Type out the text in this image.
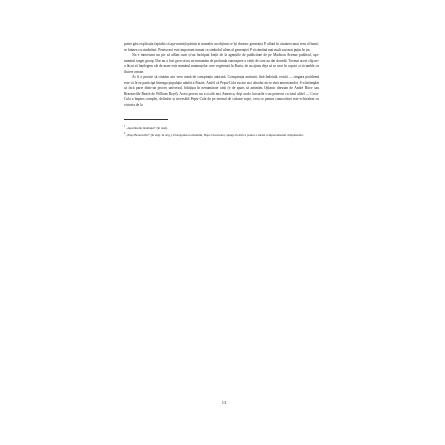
putea găsi explicația faptului că aşa-numiții părinți ai numelor au obținut ce își doreau: generația P, aflată în căutarea unui sens al lumii, se hrănea cu simboluri. Pentru noi este important numai ca simbolul ultim al generației P să rămână mai mult sau mai puțin în joc.

Nu e interesant un pic să aflăm cum și-au închipuit bieții de la agențiile de publicitate de pe Madison Avenue publicul, aşa-numitul target group. Dar nu a fost greu să nu ne minunăm de profunda cunoaştere a vieții de care au dat dovadă. Tocmai acest clip ne-a făcut să înțelegem cât de mare este numărul maimuțelor care vegetează în Rusia, de au ajuns deja să se urce în copaci și să umble cu fluiere ornate.

Ar fi o prostie să căutăm aici vreo urmă de conspirație antirusă. Conspirația antirusă, fără îndoială, există — singura problemă este că la ea participă întreaga populație adultă a Rusiei. Astfel că Pepsi-Cola nu are aici absolut nicio vină americanilor. S-a întâmplat să facă parte dintr-un proces universal, înfățișat în nenumărate cărți (e de ajuns să amintim Ojdanic obezian de André Bitov sau Brazzaville Beach de William Boyd). Acest proces nu a ocolit nici America, deşi acolo lucrurile s-au petrecut cu totul altfel — Coca-Cola a împins complet, definitiv și irevesibil Pepsi-Cola de pe terenul de culoare roşie, ceea ce pentru cunoscători este echivalent cu victoria de la

$^1$ „Apucăturile maimuței“ (în rusă).

$^2$ „Plaja Brazzaville“ (în engl. în orig.). Protagonista romanului, Hope Clearwater, ajunge în Africa pentru a studia comportamentul cimpanzeilor.

13
